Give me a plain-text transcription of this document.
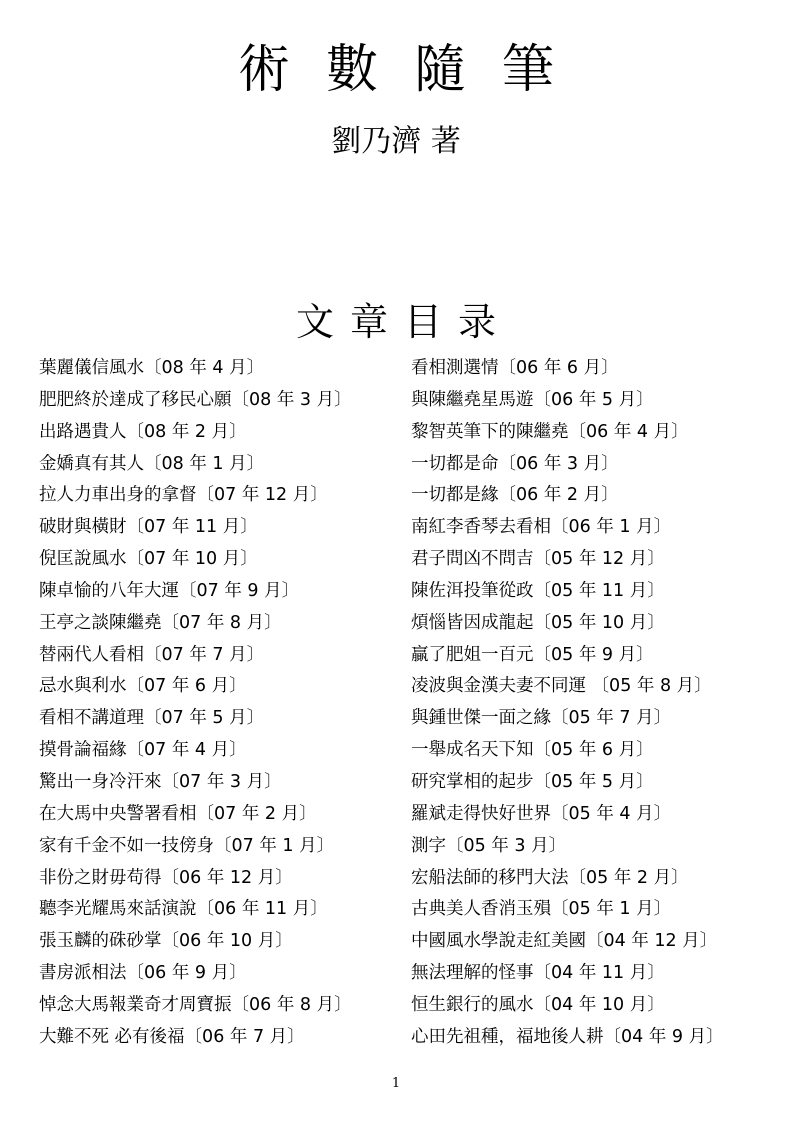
術數隨筆
劉乃濟 著
文章目录
葉麗儀信風水〔08 年 4 月〕
肥肥終於達成了移民心願〔08 年 3 月〕
出路遇貴人〔08 年 2 月〕
金嬌真有其人〔08 年 1 月〕
拉人力車出身的拿督〔07 年 12 月〕
破財與橫財〔07 年 11 月〕
倪匡說風水〔07 年 10 月〕
陳卓愉的八年大運〔07 年 9 月〕
王亭之談陳繼堯〔07 年 8 月〕
替兩代人看相〔07 年 7 月〕
忌水與利水〔07 年 6 月〕
看相不講道理〔07 年 5 月〕
摸骨論福緣〔07 年 4 月〕
驚出一身冷汗來〔07 年 3 月〕
在大馬中央警署看相〔07 年 2 月〕
家有千金不如一技傍身〔07 年 1 月〕
非份之財毋苟得〔06 年 12 月〕
聽李光耀馬來話演說〔06 年 11 月〕
張玉麟的硃砂掌〔06 年 10 月〕
書房派相法〔06 年 9 月〕
悼念大馬報業奇才周寶振〔06 年 8 月〕
大難不死 必有後福〔06 年 7 月〕
看相測選情〔06 年 6 月〕
與陳繼堯星馬遊〔06 年 5 月〕
黎智英筆下的陳繼堯〔06 年 4 月〕
一切都是命〔06 年 3 月〕
一切都是緣〔06 年 2 月〕
南紅李香琴去看相〔06 年 1 月〕
君子問凶不問吉〔05 年 12 月〕
陳佐洱投筆從政〔05 年 11 月〕
煩惱皆因成龍起〔05 年 10 月〕
贏了肥姐一百元〔05 年 9 月〕
凌波與金漢夫妻不同運 〔05 年 8 月〕
與鍾世傑一面之緣〔05 年 7 月〕
一舉成名天下知〔05 年 6 月〕
研究掌相的起步〔05 年 5 月〕
羅斌走得快好世界〔05 年 4 月〕
測字〔05 年 3 月〕
宏船法師的移門大法〔05 年 2 月〕
古典美人香消玉殞〔05 年 1 月〕
中國風水學說走紅美國〔04 年 12 月〕
無法理解的怪事〔04 年 11 月〕
恒生銀行的風水〔04 年 10 月〕
心田先祖種，福地後人耕〔04 年 9 月〕
1
